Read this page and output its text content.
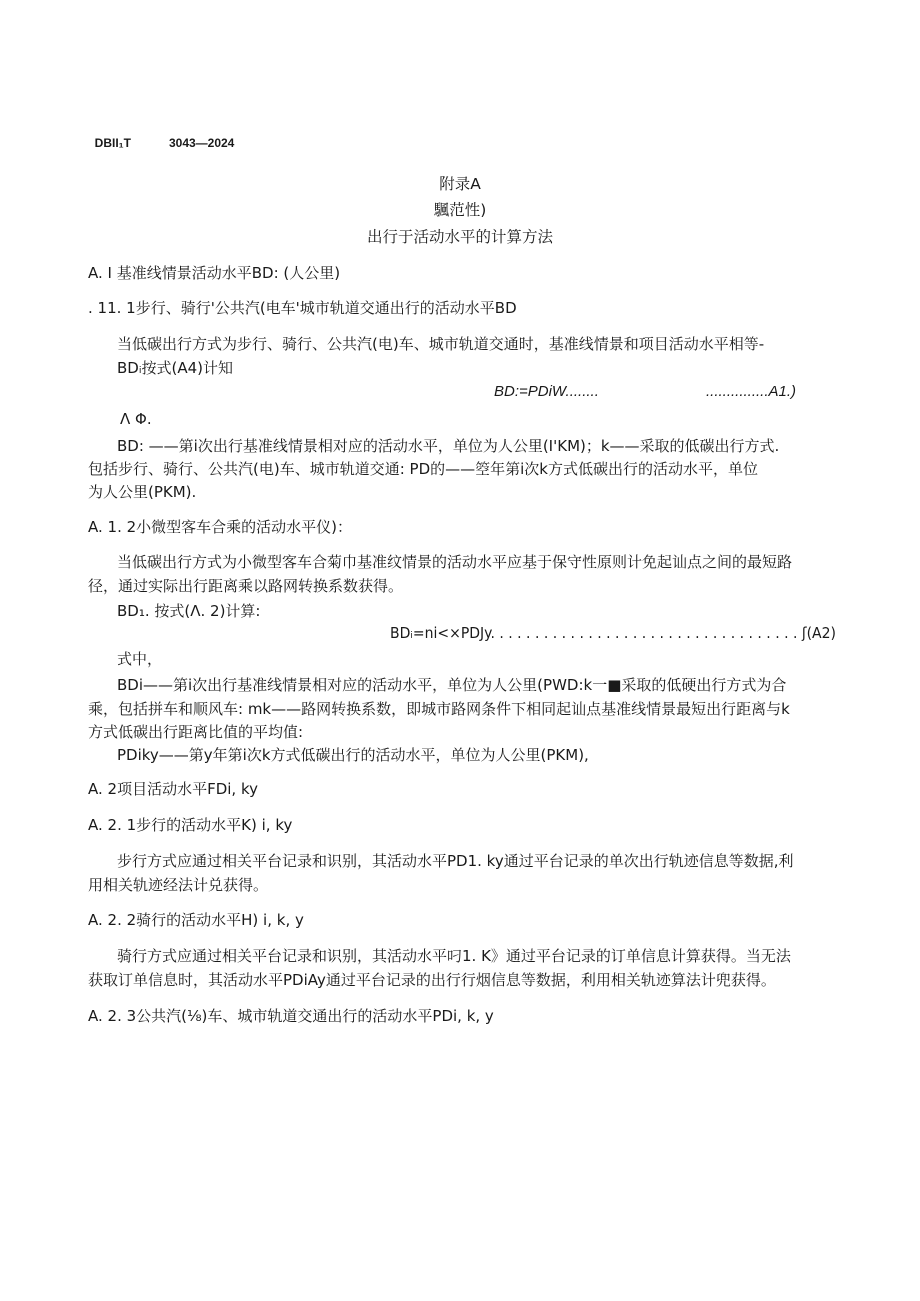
DBII₁T	3043—2024

附录A
颿范性)
出⾏于活动水平的计算方法
A. I 基准线情景活动水平BD: (人公里)
. 11. 1步行、骑行'公共汽(电车'城市轨道交通出行的活动水平BD
当低碳出行方式为步行、骑行、公共汽(电)车、城市轨道交通时，基准线情景和项目活动水平相等-
BDᵢ按式(A4)计知
BD:=PDiW........	...............A1.)
Λ Φ.
BD: ——第i次出行基准线情景相对应的活动水平，单位为人公里(I'KM)；k——采取的低碳出行方式.
包括步行、骑行、公共汽(电)车、城市轨道交通: PD的——箜年第i次k方式低碳出行的活动水平，单位
为人公里(PKM).
A. 1. 2小微型客车合乘的活动水平仪)：
当低碳出行方式为小微型客车合菊巾基准纹情景的活动水平应基于保守性原则计免起讪点之间的最短路
径，通过实际出行距离乘以路网转换系数获得。
BD₁. 按式(Λ. 2)计算:
BDᵢ=ni<×PDJy. . . . . . . . . . . . . . . . . . . . . . . . . . . . . . . . . . . ʃ(A2)
式中，
BDi——第i次出行基准线情景相对应的活动水平，单位为人公里(PWD:k一■采取的低硬出行方式为合
乘，包括拼车和顺风车: mk——路网转换系数，即城市路网条件下相同起讪点基准线情景最短出行距离与k
方式低碳出行距离比值的平均值:
PDiky——第y年第i次k方式低碳出行的活动水平，单位为人公里(PKM),
A. 2项目活动水平FDi, ky
A. 2. 1步行的活动水平K) i, ky
步行方式应通过相关平台记录和识别，其活动水平PD1. ky通过平台记录的单次出行轨迹信息等数据,利
用相关轨迹经法计兑获得。
A. 2. 2骑行的活动水平H) i, k, y
骑行方式应通过相关平台记录和识别，其活动水平叼1. K》通过平台记录的订单信息计算获得。当无法
获取订单信息时，其活动水平PDiAy通过平台记录的出行⾏烟信息等数据，利用相关轨迹算法计兜获得。
A. 2. 3公共汽(⅛)车、城市轨道交通出行的活动水平PDi, k, y
